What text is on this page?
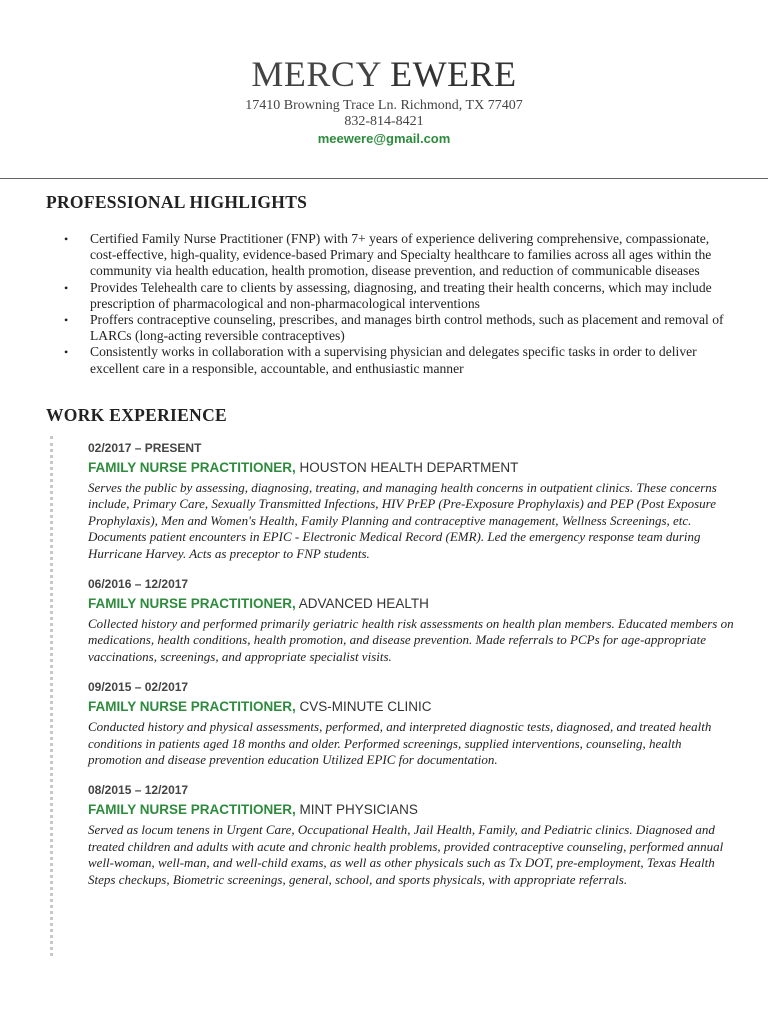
MERCY EWERE
17410 Browning Trace Ln. Richmond, TX 77407
832-814-8421
meewere@gmail.com
PROFESSIONAL HIGHLIGHTS
• Certified Family Nurse Practitioner (FNP) with 7+ years of experience delivering comprehensive, compassionate, cost-effective, high-quality, evidence-based Primary and Specialty healthcare to families across all ages within the community via health education, health promotion, disease prevention, and reduction of communicable diseases
• Provides Telehealth care to clients by assessing, diagnosing, and treating their health concerns, which may include prescription of pharmacological and non-pharmacological interventions
• Proffers contraceptive counseling, prescribes, and manages birth control methods, such as placement and removal of LARCs (long-acting reversible contraceptives)
• Consistently works in collaboration with a supervising physician and delegates specific tasks in order to deliver excellent care in a responsible, accountable, and enthusiastic manner
WORK EXPERIENCE
02/2017 – PRESENT
FAMILY NURSE PRACTITIONER, HOUSTON HEALTH DEPARTMENT
Serves the public by assessing, diagnosing, treating, and managing health concerns in outpatient clinics. These concerns include, Primary Care, Sexually Transmitted Infections, HIV PrEP (Pre-Exposure Prophylaxis) and PEP (Post Exposure Prophylaxis), Men and Women's Health, Family Planning and contraceptive management, Wellness Screenings, etc. Documents patient encounters in EPIC - Electronic Medical Record (EMR). Led the emergency response team during Hurricane Harvey. Acts as preceptor to FNP students.
06/2016 – 12/2017
FAMILY NURSE PRACTITIONER, ADVANCED HEALTH
Collected history and performed primarily geriatric health risk assessments on health plan members. Educated members on medications, health conditions, health promotion, and disease prevention. Made referrals to PCPs for age-appropriate vaccinations, screenings, and appropriate specialist visits.
09/2015 – 02/2017
FAMILY NURSE PRACTITIONER, CVS-MINUTE CLINIC
Conducted history and physical assessments, performed, and interpreted diagnostic tests, diagnosed, and treated health conditions in patients aged 18 months and older. Performed screenings, supplied interventions, counseling, health promotion and disease prevention education Utilized EPIC for documentation.
08/2015 – 12/2017
FAMILY NURSE PRACTITIONER, MINT PHYSICIANS
Served as locum tenens in Urgent Care, Occupational Health, Jail Health, Family, and Pediatric clinics. Diagnosed and treated children and adults with acute and chronic health problems, provided contraceptive counseling, performed annual well-woman, well-man, and well-child exams, as well as other physicals such as Tx DOT, pre-employment, Texas Health Steps checkups, Biometric screenings, general, school, and sports physicals, with appropriate referrals.
